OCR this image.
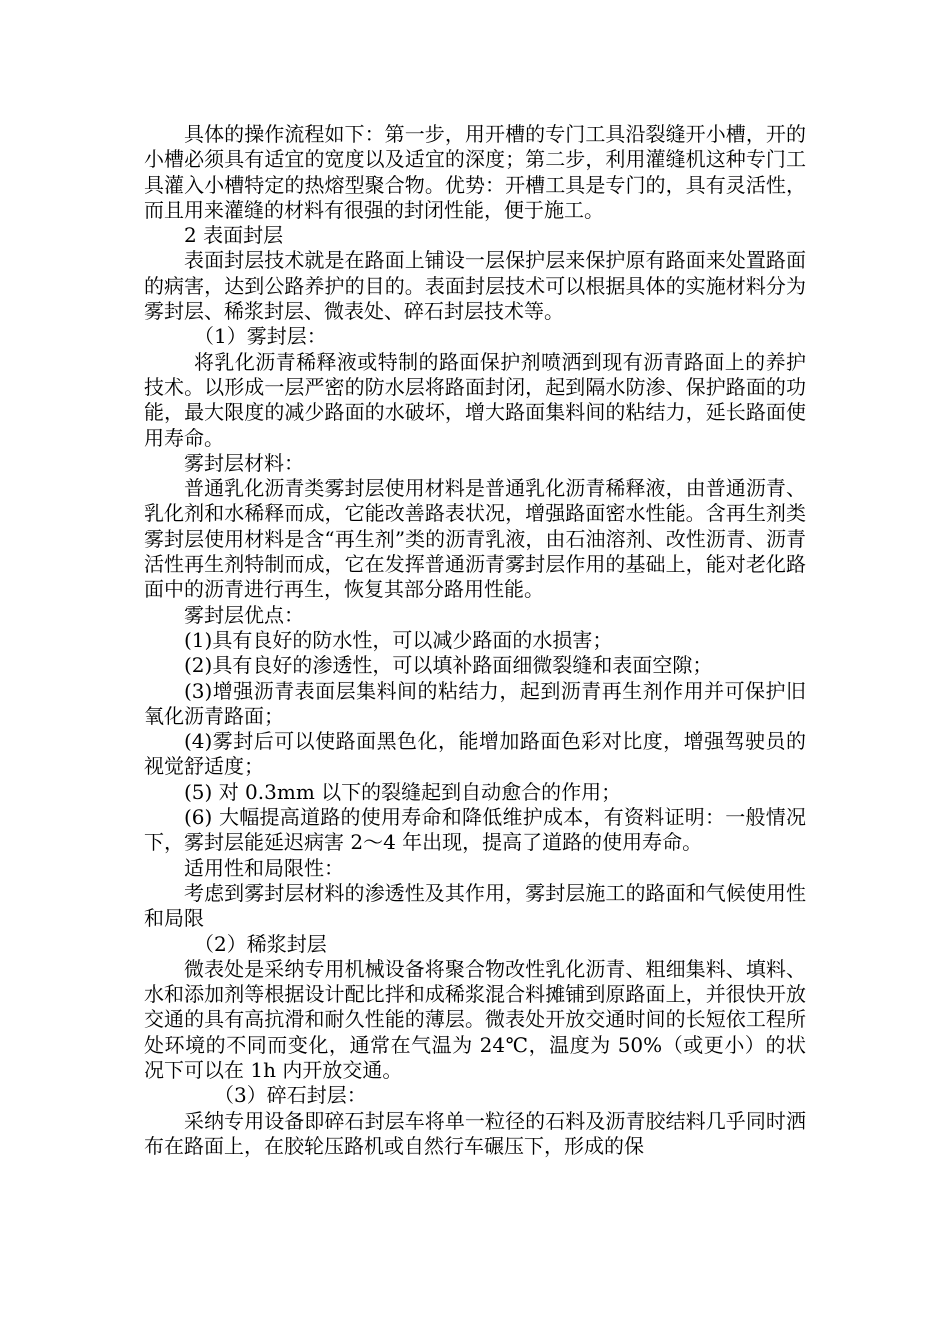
具体的操作流程如下：第一步，用开槽的专门工具沿裂缝开小槽，开的小槽必须具有适宜的宽度以及适宜的深度；第二步，利用灌缝机这种专门工具灌入小槽特定的热熔型聚合物。优势：开槽工具是专门的，具有灵活性，而且用来灌缝的材料有很强的封闭性能，便于施工。

2 表面封层

表面封层技术就是在路面上铺设一层保护层来保护原有路面来处置路面的病害，达到公路养护的目的。表面封层技术可以根据具体的实施材料分为雾封层、稀浆封层、微表处、碎石封层技术等。

（1）雾封层：

将乳化沥青稀释液或特制的路面保护剂喷洒到现有沥青路面上的养护技术。以形成一层严密的防水层将路面封闭，起到隔水防渗、保护路面的功能，最大限度的减少路面的水破坏，增大路面集料间的粘结力，延长路面使用寿命。

雾封层材料：

普通乳化沥青类雾封层使用材料是普通乳化沥青稀释液，由普通沥青、乳化剂和水稀释而成，它能改善路表状况，增强路面密水性能。含再生剂类雾封层使用材料是含“再生剂”类的沥青乳液，由石油溶剂、改性沥青、沥青活性再生剂特制而成，它在发挥普通沥青雾封层作用的基础上，能对老化路面中的沥青进行再生，恢复其部分路用性能。

雾封层优点：

(1)具有良好的防水性，可以减少路面的水损害；

(2)具有良好的渗透性，可以填补路面细微裂缝和表面空隙；

(3)增强沥青表面层集料间的粘结力，起到沥青再生剂作用并可保护旧氧化沥青路面；

(4)雾封后可以使路面黑色化，能增加路面色彩对比度，增强驾驶员的视觉舒适度；

(5) 对 0.3mm 以下的裂缝起到自动愈合的作用；

(6) 大幅提高道路的使用寿命和降低维护成本，有资料证明：一般情况下，雾封层能延迟病害 2～4 年出现，提高了道路的使用寿命。

适用性和局限性：

考虑到雾封层材料的渗透性及其作用，雾封层施工的路面和气候使用性和局限

（2）稀浆封层

微表处是采纳专用机械设备将聚合物改性乳化沥青、粗细集料、填料、水和添加剂等根据设计配比拌和成稀浆混合料摊铺到原路面上，并很快开放交通的具有高抗滑和耐久性能的薄层。微表处开放交通时间的长短依工程所处环境的不同而变化，通常在气温为 24℃，温度为 50%（或更小）的状况下可以在 1h 内开放交通。

（3）碎石封层：

采纳专用设备即碎石封层车将单一粒径的石料及沥青胶结料几乎同时洒布在路面上，在胶轮压路机或自然行车碾压下，形成的保
